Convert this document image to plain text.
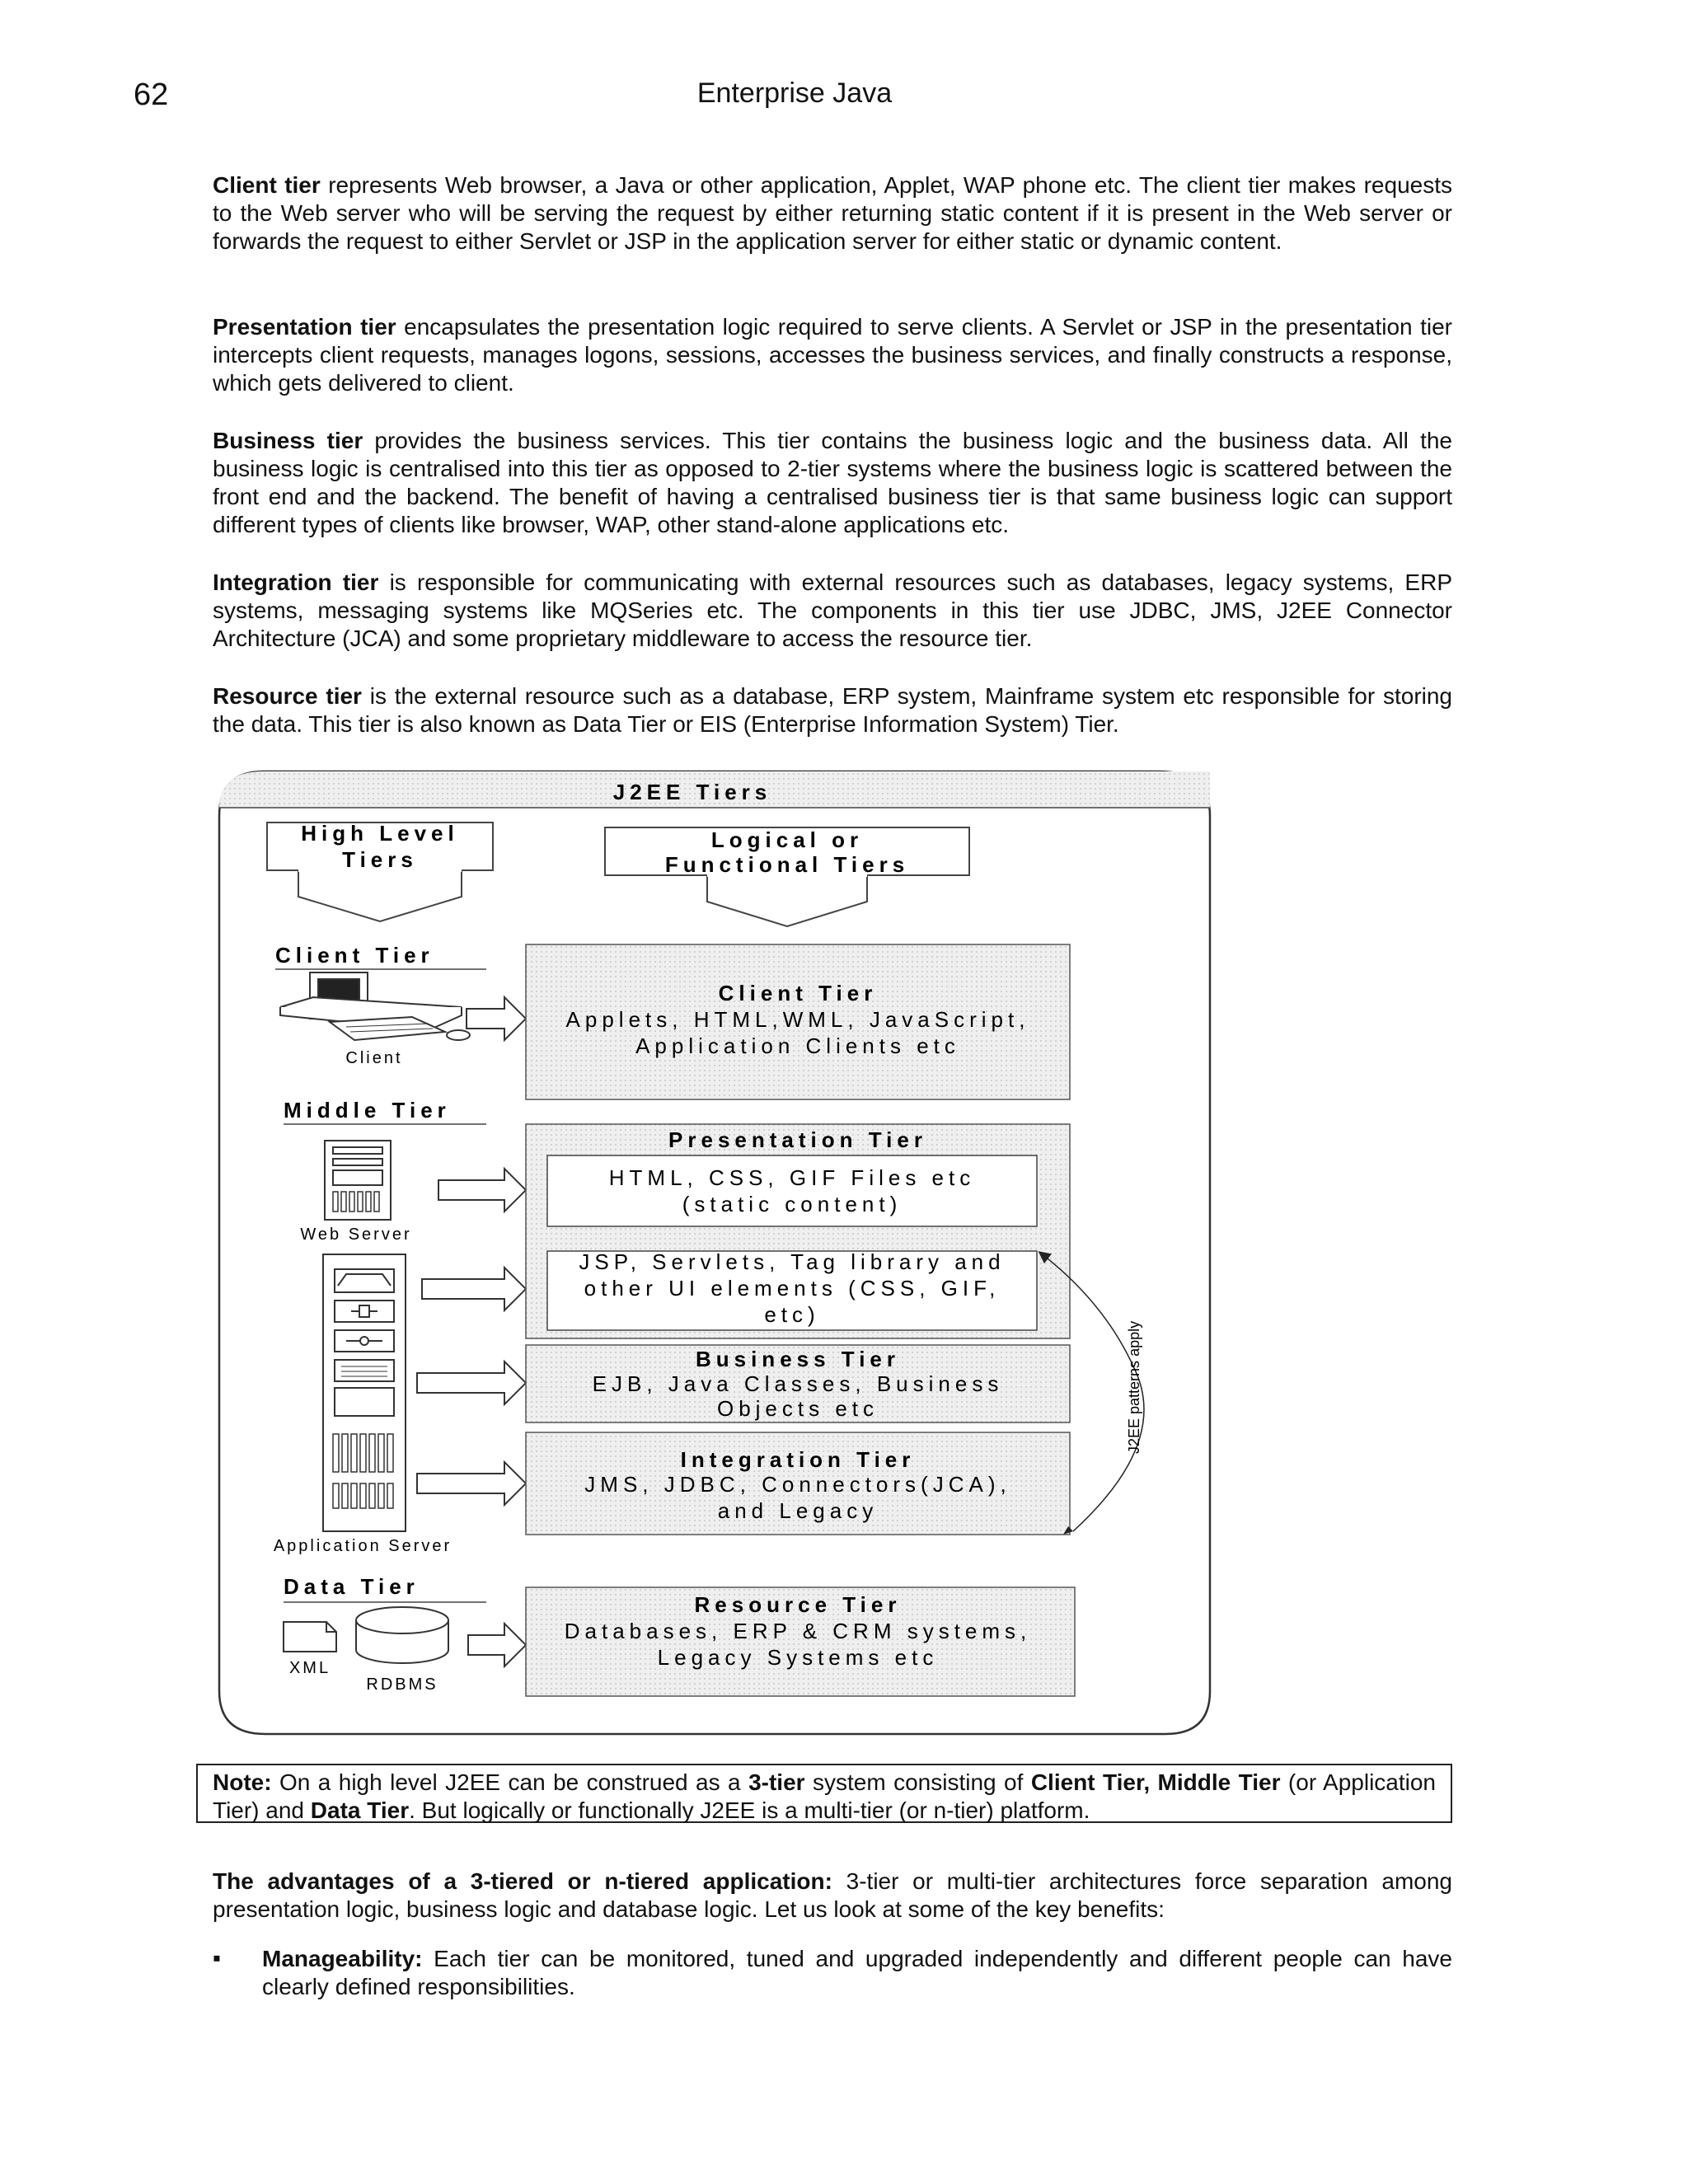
62	Enterprise Java

Client tier represents Web browser, a Java or other application, Applet, WAP phone etc. The client tier makes requests to the Web server who will be serving the request by either returning static content if it is present in the Web server or forwards the request to either Servlet or JSP in the application server for either static or dynamic content.

Presentation tier encapsulates the presentation logic required to serve clients. A Servlet or JSP in the presentation tier intercepts client requests, manages logons, sessions, accesses the business services, and finally constructs a response, which gets delivered to client.

Business tier provides the business services. This tier contains the business logic and the business data. All the business logic is centralised into this tier as opposed to 2-tier systems where the business logic is scattered between the front end and the backend. The benefit of having a centralised business tier is that same business logic can support different types of clients like browser, WAP, other stand-alone applications etc.

Integration tier is responsible for communicating with external resources such as databases, legacy systems, ERP systems, messaging systems like MQSeries etc. The components in this tier use JDBC, JMS, J2EE Connector Architecture (JCA) and some proprietary middleware to access the resource tier.

Resource tier is the external resource such as a database, ERP system, Mainframe system etc responsible for storing the data. This tier is also known as Data Tier or EIS (Enterprise Information System) Tier.

J2EE Tiers
High Level
Tiers
Logical or
Functional Tiers
Client Tier
Client
Client Tier
Applets, HTML,WML, JavaScript,
Application Clients etc
Middle Tier
Web Server
Application Server
Presentation Tier
HTML, CSS, GIF Files etc
(static content)
JSP, Servlets, Tag library and
other UI elements (CSS, GIF,
etc)
Business Tier
EJB, Java Classes, Business
Objects etc
Integration Tier
JMS, JDBC, Connectors(JCA),
and Legacy
J2EE patterns apply
Data Tier
XML
RDBMS
Resource Tier
Databases, ERP & CRM systems,
Legacy Systems etc
Note: On a high level J2EE can be construed as a 3-tier system consisting of Client Tier, Middle Tier (or Application Tier) and Data Tier. But logically or functionally J2EE is a multi-tier (or n-tier) platform.

The advantages of a 3-tiered or n-tiered application: 3-tier or multi-tier architectures force separation among presentation logic, business logic and database logic. Let us look at some of the key benefits:

▪ Manageability: Each tier can be monitored, tuned and upgraded independently and different people can have clearly defined responsibilities.
